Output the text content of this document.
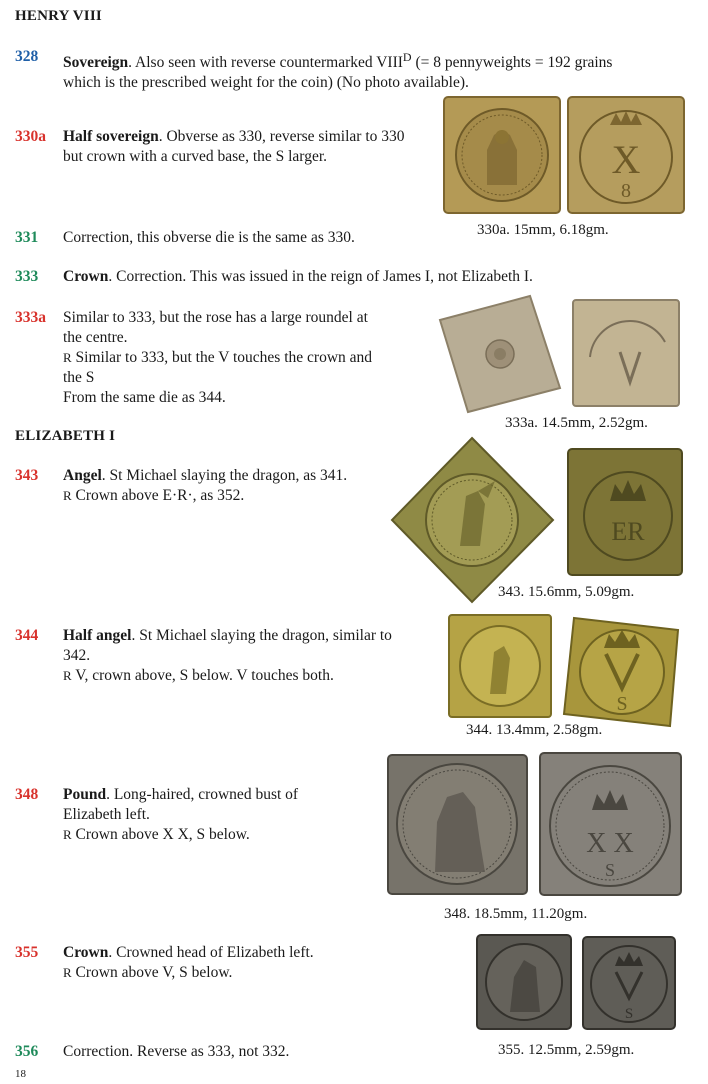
HENRY VIII
328 Sovereign. Also seen with reverse countermarked $VIII^D$ (= 8 pennyweights = 192 grains
which is the prescribed weight for the coin) (No photo available).
330a Half sovereign. Obverse as 330, reverse similar to 330
but crown with a curved base, the S larger.	X
8
330a. 15mm, 6.18gm.
331 Correction, this obverse die is the same as 330.
333 Crown. Correction. This was issued in the reign of James I, not Elizabeth I.
333a Similar to 333, but the rose has a large roundel at
the centre.
R Similar to 333, but the V touches the crown and
the S
From the same die as 344.
333a. 14.5mm, 2.52gm.
ELIZABETH I
343 Angel. St Michael slaying the dragon, as 341.
R Crown above E·R·, as 352.
ER
343. 15.6mm, 5.09gm.
344 Half angel. St Michael slaying the dragon, similar to
342.
R V, crown above, S below. V touches both.
S
344. 13.4mm, 2.58gm.
348 Pound. Long-haired, crowned bust of
Elizabeth left.
R Crown above X X, S below.	X X
S
348. 18.5mm, 11.20gm.
355 Crown. Crowned head of Elizabeth left.
R Crown above V, S below.
S
355. 12.5mm, 2.59gm.
356 Correction. Reverse as 333, not 332.
18
